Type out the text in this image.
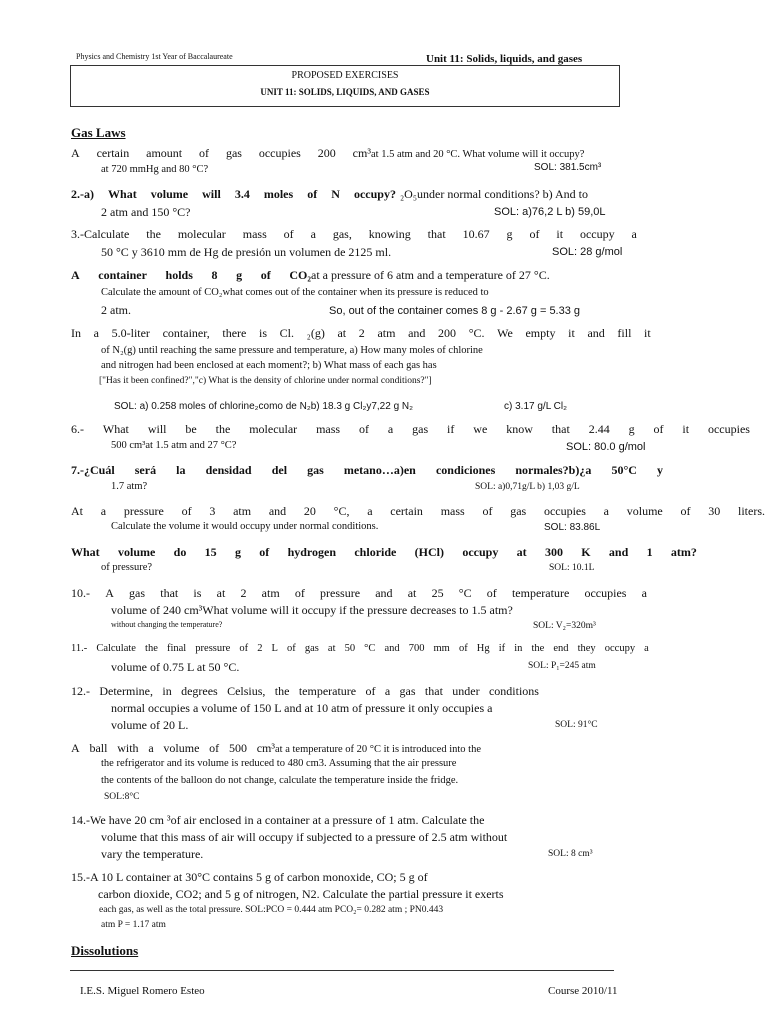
Physics and Chemistry 1st Year of Baccalaureate	Unit 11: Solids, liquids, and gases
PROPOSED EXERCISES
UNIT 11: SOLIDS, LIQUIDS, AND GASES
Gas Laws
A certain amount of gas occupies 200 cm³ at 1.5 atm and 20 °C. What volume will it occupy?
at 720 mmHg and 80 °C?	SOL: 381.5cm³
2.-a) What volume will 3.4 moles of N occupy? ₂O₅under normal conditions? b) And to
2 atm and 150 °C?	SOL: a)76,2 L b) 59,0L
3.-Calculate the molecular mass of a gas, knowing that 10.67 g of it occupy a
50 °C y 3610 mm de Hg de presión un volumen de 2125 ml.	SOL: 28 g/mol
A container holds 8 g of CO₂ at a pressure of 6 atm and a temperature of 27 °C.
Calculate the amount of CO₂what comes out of the container when its pressure is reduced to
2 atm.	So, out of the container comes 8 g - 2.67 g = 5.33 g
In a 5.0-liter container, there is Cl. ₂(g) at 2 atm and 200 °C. We empty it and fill it
of N₂(g) until reaching the same pressure and temperature, a) How many moles of chlorine
and nitrogen had been enclosed at each moment?; b) What mass of each gas has
["Has it been confined?","c) What is the density of chlorine under normal conditions?"]
SOL: a) 0.258 moles of chlorine₂como de N₂b) 18.3 g Cl₂y7,22 g N₂	c) 3.17 g/L Cl₂
6.- What will be the molecular mass of a gas if we know that 2.44 g of it occupies
500 cm³at 1.5 atm and 27 °C?	SOL: 80.0 g/mol
7.-¿Cuál será la densidad del gas metano…a)en condiciones normales?b)¿a 50°C y
1.7 atm?	SOL: a)0,71g/L b) 1,03 g/L
At a pressure of 3 atm and 20 °C, a certain mass of gas occupies a volume of 30 liters.
Calculate the volume it would occupy under normal conditions.	SOL: 83.86L
What volume do 15 g of hydrogen chloride (HCl) occupy at 300 K and 1 atm?
of pressure?	SOL: 10.1L
10.- A gas that is at 2 atm of pressure and at 25 °C of temperature occupies a
volume of 240 cm³What volume will it occupy if the pressure decreases to 1.5 atm?
without changing the temperature?	SOL: V₂=320m³
11.- Calculate the final pressure of 2 L of gas at 50 °C and 700 mm of Hg if in the end they occupy a
volume of 0.75 L at 50 °C.	SOL: P₁=245 atm
12.- Determine, in degrees Celsius, the temperature of a gas that under conditions
normal occupies a volume of 150 L and at 10 atm of pressure it only occupies a
volume of 20 L.	SOL: 91°C
A ball with a volume of 500 cm³ at a temperature of 20 °C it is introduced into the
the refrigerator and its volume is reduced to 480 cm3. Assuming that the air pressure
the contents of the balloon do not change, calculate the temperature inside the fridge.
SOL:8°C
14.-We have 20 cm ³of air enclosed in a container at a pressure of 1 atm. Calculate the
volume that this mass of air will occupy if subjected to a pressure of 2.5 atm without
vary the temperature.	SOL: 8 cm³
15.-A 10 L container at 30°C contains 5 g of carbon monoxide, CO; 5 g of
carbon dioxide, CO2; and 5 g of nitrogen, N2. Calculate the partial pressure it exerts
each gas, as well as the total pressure. SOL:PCO = 0.444 atm PCO₂= 0.282 atm ; PN0.443
atm P = 1.17 atm
Dissolutions
I.E.S. Miguel Romero Esteo	Course 2010/11
